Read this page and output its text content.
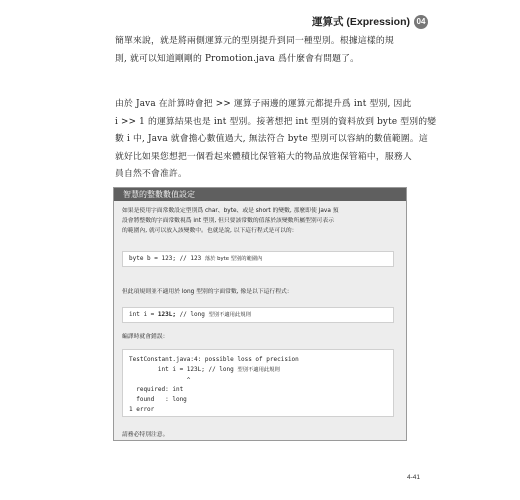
運算式 (Expression) 04
簡單來說，就是將兩側運算元的型別提升到同一種型別。根據這樣的規
則, 就可以知道剛剛的 Promotion.java 爲什麼會有問題了。
由於 Java 在計算時會把 >> 運算子兩邊的運算元都提升爲 int 型別, 因此
i >> 1 的運算結果也是 int 型別。接著想把 int 型別的資料放到 byte 型別的變
數 i 中, Java 就會擔心數值過大, 無法符合 byte 型別可以容納的數值範圍。這
就好比如果您想把一個看起來體積比保管箱大的物品放進保管箱中，服務人
員自然不會准許。
智慧的整數數值設定
如果是使用字面常數設定型別爲 char、byte、或是 short 的變數, 那麼即使 Java 預
設會將整數的字面常數視爲 int 型別, 但只要該常數的值落於該變數所屬型別可表示
的範圍內, 就可以放入該變數中。也就是說, 以下這行程式是可以的：
byte b = 123; // 123 落於 byte 型別的範圍內
但此項規則並不適用於 long 型別的字面常數, 像是以下這行程式：
int i = 123L; // long 型別不適用此規則
編譯時就會錯誤：
TestConstant.java:4: possible loss of precision
int i = 123L; // long 型別不適用此規則
^
required: int
found   : long
1 error
請務必特別注意。
4-41
